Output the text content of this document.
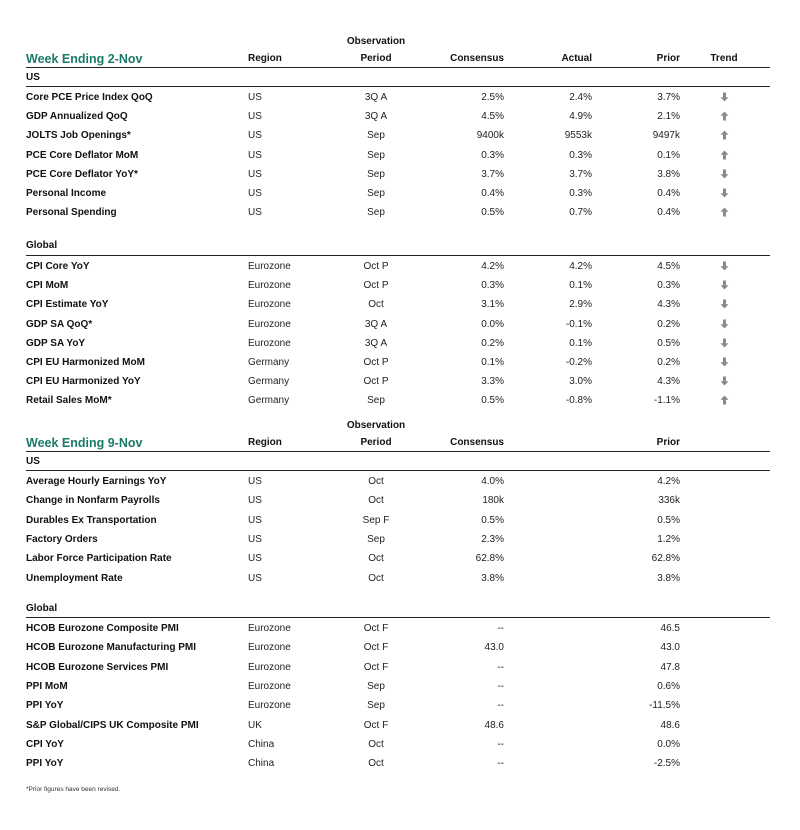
Observation
Week Ending 2-Nov	Region	Period	Consensus	Actual	Prior	Trend
US
Core PCE Price Index QoQ	US	3Q A	2.5%	2.4%	3.7%
GDP Annualized QoQ	US	3Q A	4.5%	4.9%	2.1%
JOLTS Job Openings*	US	Sep	9400k	9553k	9497k
PCE Core Deflator MoM	US	Sep	0.3%	0.3%	0.1%
PCE Core Deflator YoY*	US	Sep	3.7%	3.7%	3.8%
Personal Income	US	Sep	0.4%	0.3%	0.4%
Personal Spending	US	Sep	0.5%	0.7%	0.4%
Global
CPI Core YoY	Eurozone	Oct P	4.2%	4.2%	4.5%
CPI MoM	Eurozone	Oct P	0.3%	0.1%	0.3%
CPI Estimate YoY	Eurozone	Oct	3.1%	2.9%	4.3%
GDP SA QoQ*	Eurozone	3Q A	0.0%	-0.1%	0.2%
GDP SA YoY	Eurozone	3Q A	0.2%	0.1%	0.5%
CPI EU Harmonized MoM	Germany	Oct P	0.1%	-0.2%	0.2%
CPI EU Harmonized YoY	Germany	Oct P	3.3%	3.0%	4.3%
Retail Sales MoM*	Germany	Sep	0.5%	-0.8%	-1.1%
Observation
Week Ending 9-Nov	Region	Period	Consensus	Prior
US
Average Hourly Earnings YoY	US	Oct	4.0%	4.2%
Change in Nonfarm Payrolls	US	Oct	180k	336k
Durables Ex Transportation	US	Sep F	0.5%	0.5%
Factory Orders	US	Sep	2.3%	1.2%
Labor Force Participation Rate	US	Oct	62.8%	62.8%
Unemployment Rate	US	Oct	3.8%	3.8%
Global
HCOB Eurozone Composite PMI	Eurozone	Oct F	--	46.5
HCOB Eurozone Manufacturing PMI	Eurozone	Oct F	43.0	43.0
HCOB Eurozone Services PMI	Eurozone	Oct F	--	47.8
PPI MoM	Eurozone	Sep	--	0.6%
PPI YoY	Eurozone	Sep	--	-11.5%
S&P Global/CIPS UK Composite PMI	UK	Oct F	48.6	48.6
CPI YoY	China	Oct	--	0.0%
PPI YoY	China	Oct	--	-2.5%
*Prior figures have been revised.
